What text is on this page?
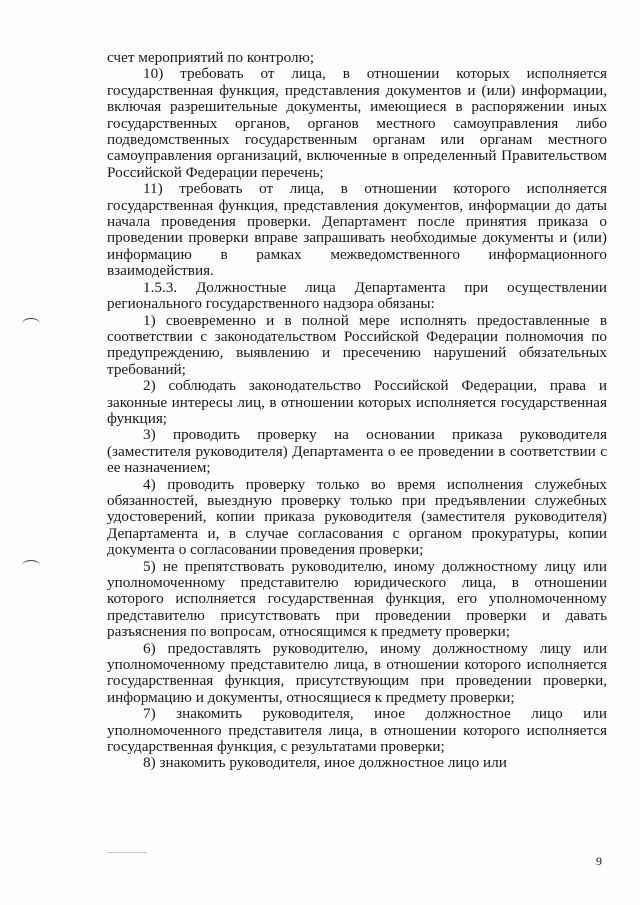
счет мероприятий по контролю;

10) требовать от лица, в отношении которых исполняется государственная функция, представления документов и (или) информации, включая разрешительные документы, имеющиеся в распоряжении иных государственных органов, органов местного самоуправления либо подведомственных государственным органам или органам местного самоуправления организаций, включенные в определенный Правительством Российской Федерации перечень;

11) требовать от лица, в отношении которого исполняется государственная функция, представления документов, информации до даты начала проведения проверки. Департамент после принятия приказа о проведении проверки вправе запрашивать необходимые документы и (или) информацию в рамках межведомственного информационного взаимодействия.

1.5.3. Должностные лица Департамента при осуществлении регионального государственного надзора обязаны:

1) своевременно и в полной мере исполнять предоставленные в соответствии с законодательством Российской Федерации полномочия по предупреждению, выявлению и пресечению нарушений обязательных требований;

2) соблюдать законодательство Российской Федерации, права и законные интересы лиц, в отношении которых исполняется государственная функция;

3) проводить проверку на основании приказа руководителя (заместителя руководителя) Департамента о ее проведении в соответствии с ее назначением;

4) проводить проверку только во время исполнения служебных обязанностей, выездную проверку только при предъявлении служебных удостоверений, копии приказа руководителя (заместителя руководителя) Департамента и, в случае согласования с органом прокуратуры, копии документа о согласовании проведения проверки;

5) не препятствовать руководителю, иному должностному лицу или уполномоченному представителю юридического лица, в отношении которого исполняется государственная функция, его уполномоченному представителю присутствовать при проведении проверки и давать разъяснения по вопросам, относящимся к предмету проверки;

6) предоставлять руководителю, иному должностному лицу или уполномоченному представителю лица, в отношении которого исполняется государственная функция, присутствующим при проведении проверки, информацию и документы, относящиеся к предмету проверки;

7) знакомить руководителя, иное должностное лицо или уполномоченного представителя лица, в отношении которого исполняется государственная функция, с результатами проверки;

8) знакомить руководителя, иное должностное лицо или

9
